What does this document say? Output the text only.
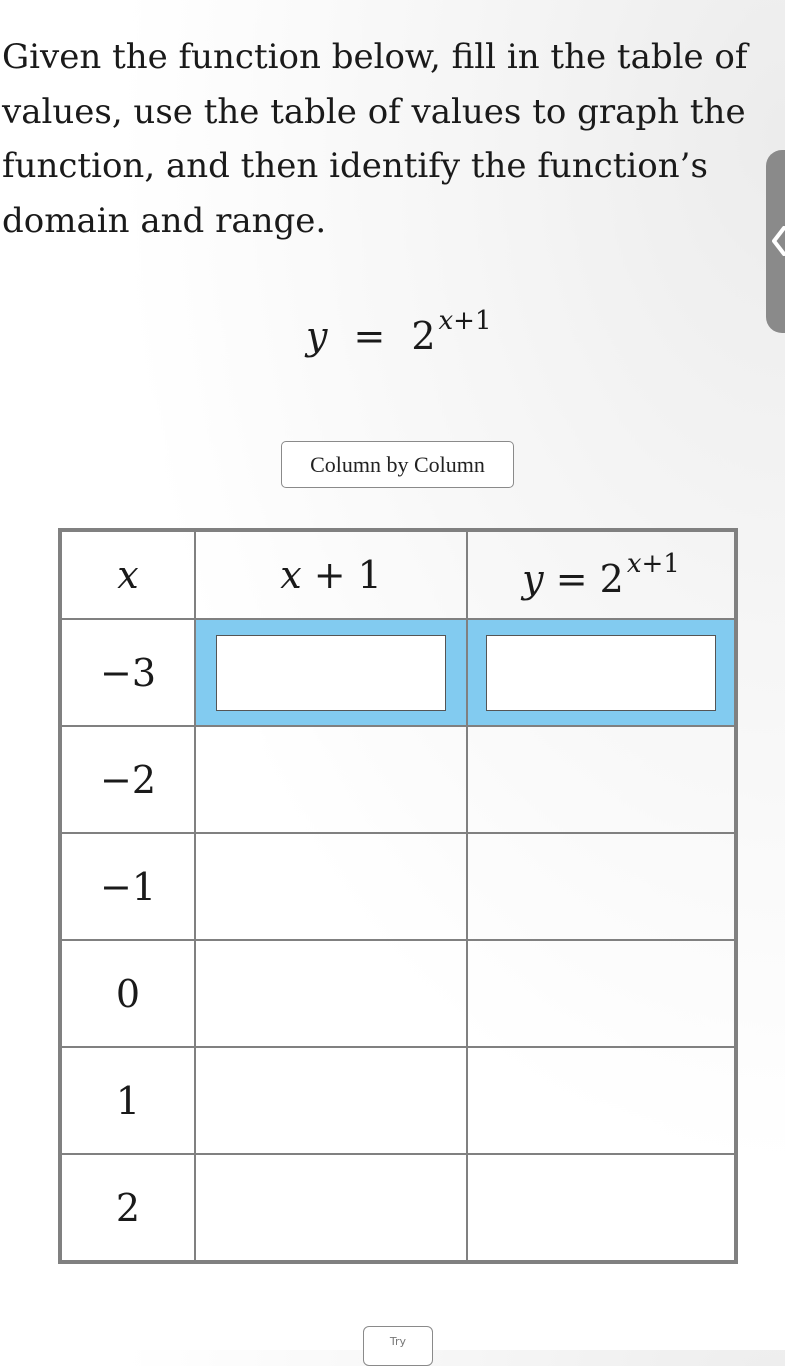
Given the function below, fill in the table of values, use the table of values to graph the function, and then identify the function’s domain and range.

y = 2 $^{x+1}$
Column by Column
x	x + 1	y = 2 $^{x+1}$
−3	

−2		
−1		
0		
1		
2		
Try
